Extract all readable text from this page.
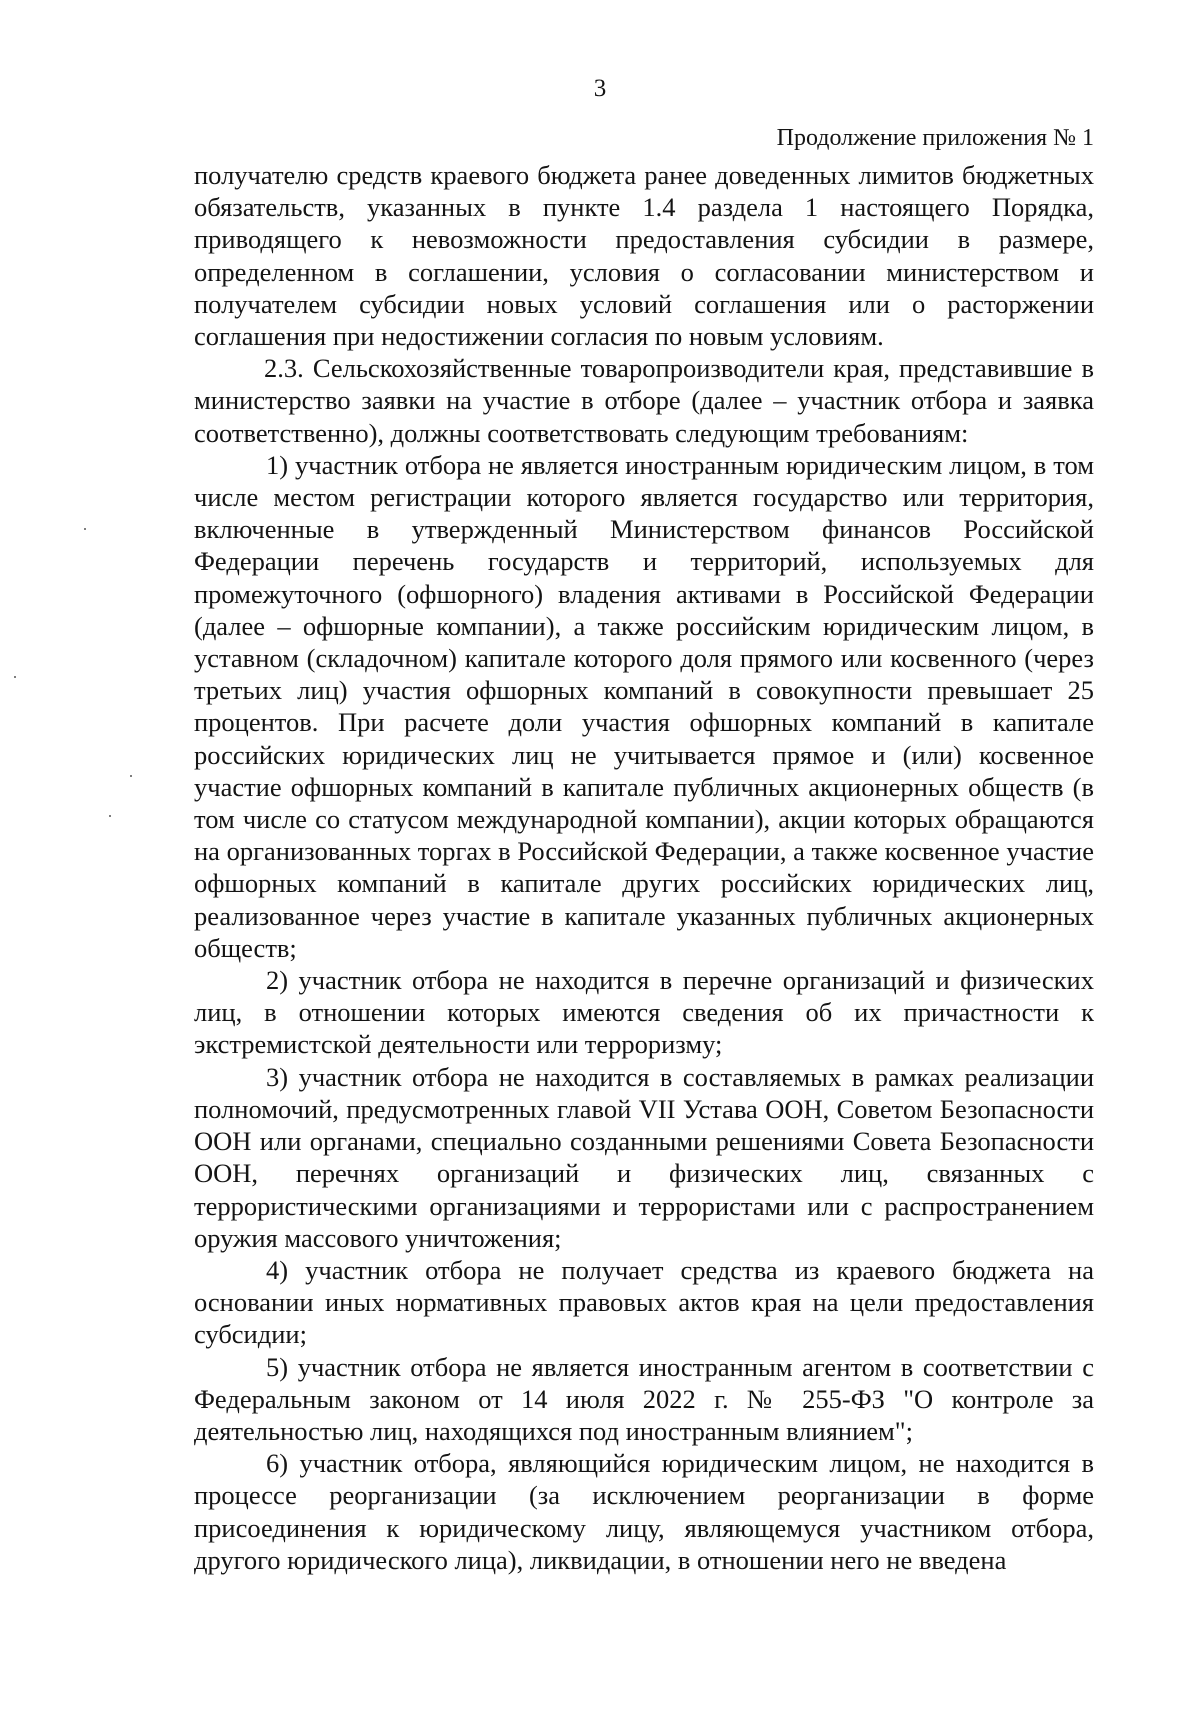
3
Продолжение приложения № 1

получателю средств краевого бюджета ранее доведенных лимитов бюджетных обязательств, указанных в пункте 1.4 раздела 1 настоящего Порядка, приводящего к невозможности предоставления субсидии в размере, определенном в соглашении, условия о согласовании министерством и получателем субсидии новых условий соглашения или о расторжении соглашения при недостижении согласия по новым условиям.

2.3. Сельскохозяйственные товаропроизводители края, представившие в министерство заявки на участие в отборе (далее – участник отбора и заявка соответственно), должны соответствовать следующим требованиям:

1) участник отбора не является иностранным юридическим лицом, в том числе местом регистрации которого является государство или территория, включенные в утвержденный Министерством финансов Российской Федерации перечень государств и территорий, используемых для промежуточного (офшорного) владения активами в Российской Федерации (далее – офшорные компании), а также российским юридическим лицом, в уставном (складочном) капитале которого доля прямого или косвенного (через третьих лиц) участия офшорных компаний в совокупности превышает 25 процентов. При расчете доли участия офшорных компаний в капитале российских юридических лиц не учитывается прямое и (или) косвенное участие офшорных компаний в капитале публичных акционерных обществ (в том числе со статусом международной компании), акции которых обращаются на организованных торгах в Российской Федерации, а также косвенное участие офшорных компаний в капитале других российских юридических лиц, реализованное через участие в капитале указанных публичных акционерных обществ;

2) участник отбора не находится в перечне организаций и физических лиц, в отношении которых имеются сведения об их причастности к экстремистской деятельности или терроризму;

3) участник отбора не находится в составляемых в рамках реализации полномочий, предусмотренных главой VII Устава ООН, Советом Безопасности ООН или органами, специально созданными решениями Совета Безопасности ООН, перечнях организаций и физических лиц, связанных с террористическими организациями и террористами или с распространением оружия массового уничтожения;

4) участник отбора не получает средства из краевого бюджета на основании иных нормативных правовых актов края на цели предоставления субсидии;

5) участник отбора не является иностранным агентом в соответствии с Федеральным законом от 14 июля 2022 г. № 255-ФЗ "О контроле за деятельностью лиц, находящихся под иностранным влиянием";

6) участник отбора, являющийся юридическим лицом, не находится в процессе реорганизации (за исключением реорганизации в форме присоединения к юридическому лицу, являющемуся участником отбора, другого юридического лица), ликвидации, в отношении него не введена
